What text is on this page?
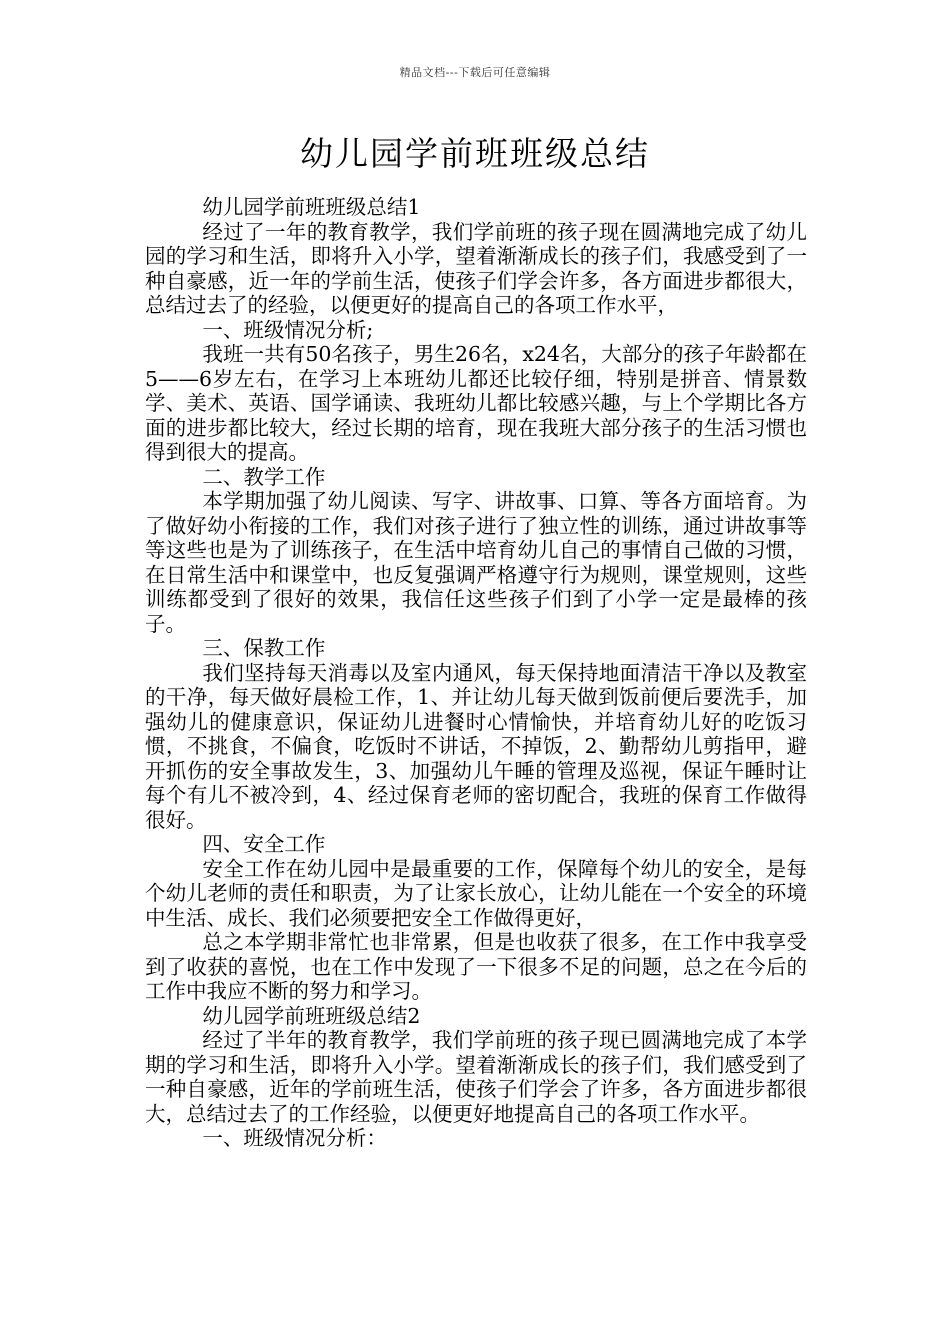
精品文档---下载后可任意编辑
幼儿园学前班班级总结

幼儿园学前班班级总结1

经过了一年的教育教学，我们学前班的孩子现在圆满地完成了幼儿园的学习和生活，即将升入小学，望着渐渐成长的孩子们，我感受到了一种自豪感，近一年的学前生活，使孩子们学会许多，各方面进步都很大，总结过去了的经验，以便更好的提高自己的各项工作水平，

一、班级情况分析;

我班一共有50名孩子，男生26名，x24名，大部分的孩子年龄都在5——6岁左右，在学习上本班幼儿都还比较仔细，特别是拼音、情景数学、美术、英语、国学诵读、我班幼儿都比较感兴趣，与上个学期比各方面的进步都比较大，经过长期的培育，现在我班大部分孩子的生活习惯也得到很大的提高。

二、教学工作

本学期加强了幼儿阅读、写字、讲故事、口算、等各方面培育。为了做好幼小衔接的工作，我们对孩子进行了独立性的训练，通过讲故事等等这些也是为了训练孩子，在生活中培育幼儿自己的事情自己做的习惯，在日常生活中和课堂中，也反复强调严格遵守行为规则，课堂规则，这些训练都受到了很好的效果，我信任这些孩子们到了小学一定是最棒的孩子。

三、保教工作

我们坚持每天消毒以及室内通风，每天保持地面清洁干净以及教室的干净，每天做好晨检工作，1、并让幼儿每天做到饭前便后要洗手，加强幼儿的健康意识，保证幼儿进餐时心情愉快，并培育幼儿好的吃饭习惯，不挑食，不偏食，吃饭时不讲话，不掉饭，2、勤帮幼儿剪指甲，避开抓伤的安全事故发生，3、加强幼儿午睡的管理及巡视，保证午睡时让每个有儿不被冷到，4、经过保育老师的密切配合，我班的保育工作做得很好。

四、安全工作

安全工作在幼儿园中是最重要的工作，保障每个幼儿的安全，是每个幼儿老师的责任和职责，为了让家长放心，让幼儿能在一个安全的环境中生活、成长、我们必须要把安全工作做得更好，

总之本学期非常忙也非常累，但是也收获了很多，在工作中我享受到了收获的喜悦，也在工作中发现了一下很多不足的问题，总之在今后的工作中我应不断的努力和学习。

幼儿园学前班班级总结2

经过了半年的教育教学，我们学前班的孩子现已圆满地完成了本学期的学习和生活，即将升入小学。望着渐渐成长的孩子们，我们感受到了一种自豪感，近年的学前班生活，使孩子们学会了许多，各方面进步都很大，总结过去了的工作经验，以便更好地提高自己的各项工作水平。

一、班级情况分析：
